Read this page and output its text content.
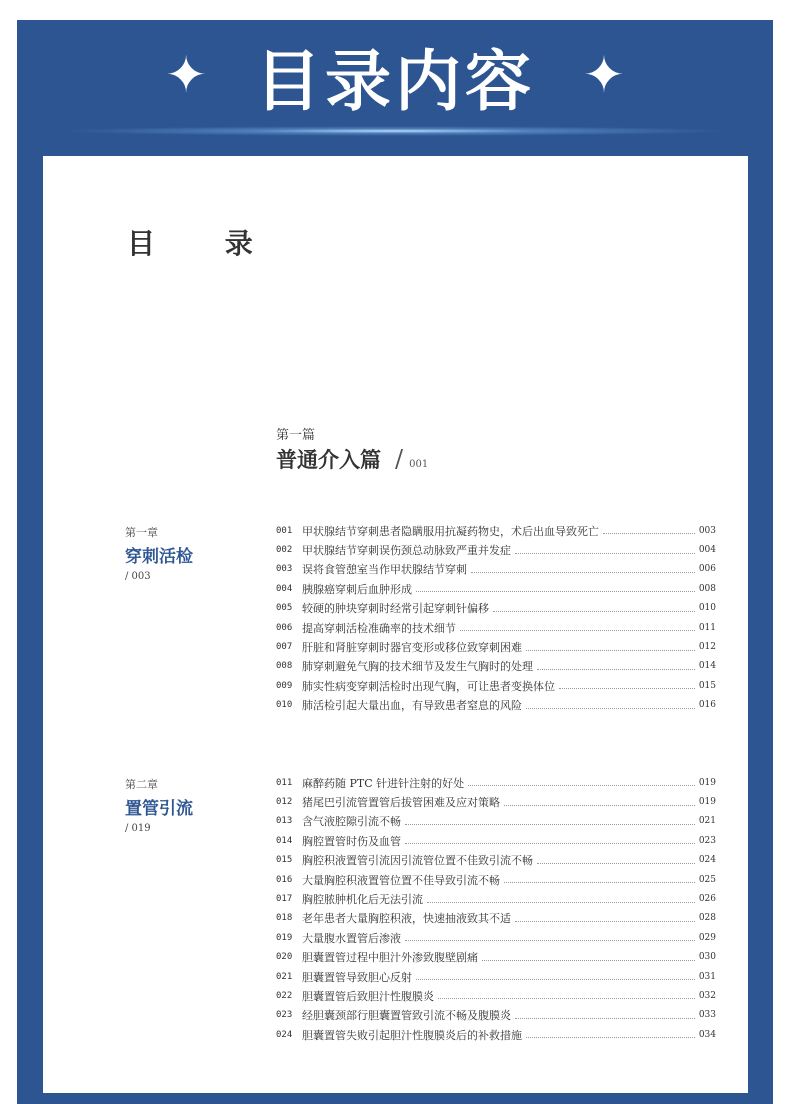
✦ 目录内容 ✦
目 录
第一篇
普通介入篇 / 001
第一章
穿刺活检
/ 003
001 甲状腺结节穿刺患者隐瞒服用抗凝药物史，术后出血导致死亡	003
002 甲状腺结节穿刺误伤颈总动脉致严重并发症	004
003 误将食管憩室当作甲状腺结节穿刺	006
004 胰腺癌穿刺后血肿形成	008
005 较硬的肿块穿刺时经常引起穿刺针偏移	010
006 提高穿刺活检准确率的技术细节	011
007 肝脏和肾脏穿刺时器官变形或移位致穿刺困难	012
008 肺穿刺避免气胸的技术细节及发生气胸时的处理	014
009 肺实性病变穿刺活检时出现气胸，可让患者变换体位	015
010 肺活检引起大量出血，有导致患者窒息的风险	016
第二章
置管引流
/ 019
011 麻醉药随 PTC 针进针注射的好处	019
012 猪尾巴引流管置管后拔管困难及应对策略	019
013 含气液腔隙引流不畅	021
014 胸腔置管时伤及血管	023
015 胸腔积液置管引流因引流管位置不佳致引流不畅	024
016 大量胸腔积液置管位置不佳导致引流不畅	025
017 胸腔脓肿机化后无法引流	026
018 老年患者大量胸腔积液，快速抽液致其不适	028
019 大量腹水置管后渗液	029
020 胆囊置管过程中胆汁外渗致腹壁剧痛	030
021 胆囊置管导致胆心反射	031
022 胆囊置管后致胆汁性腹膜炎	032
023 经胆囊颈部行胆囊置管致引流不畅及腹膜炎	033
024 胆囊置管失败引起胆汁性腹膜炎后的补救措施	034
